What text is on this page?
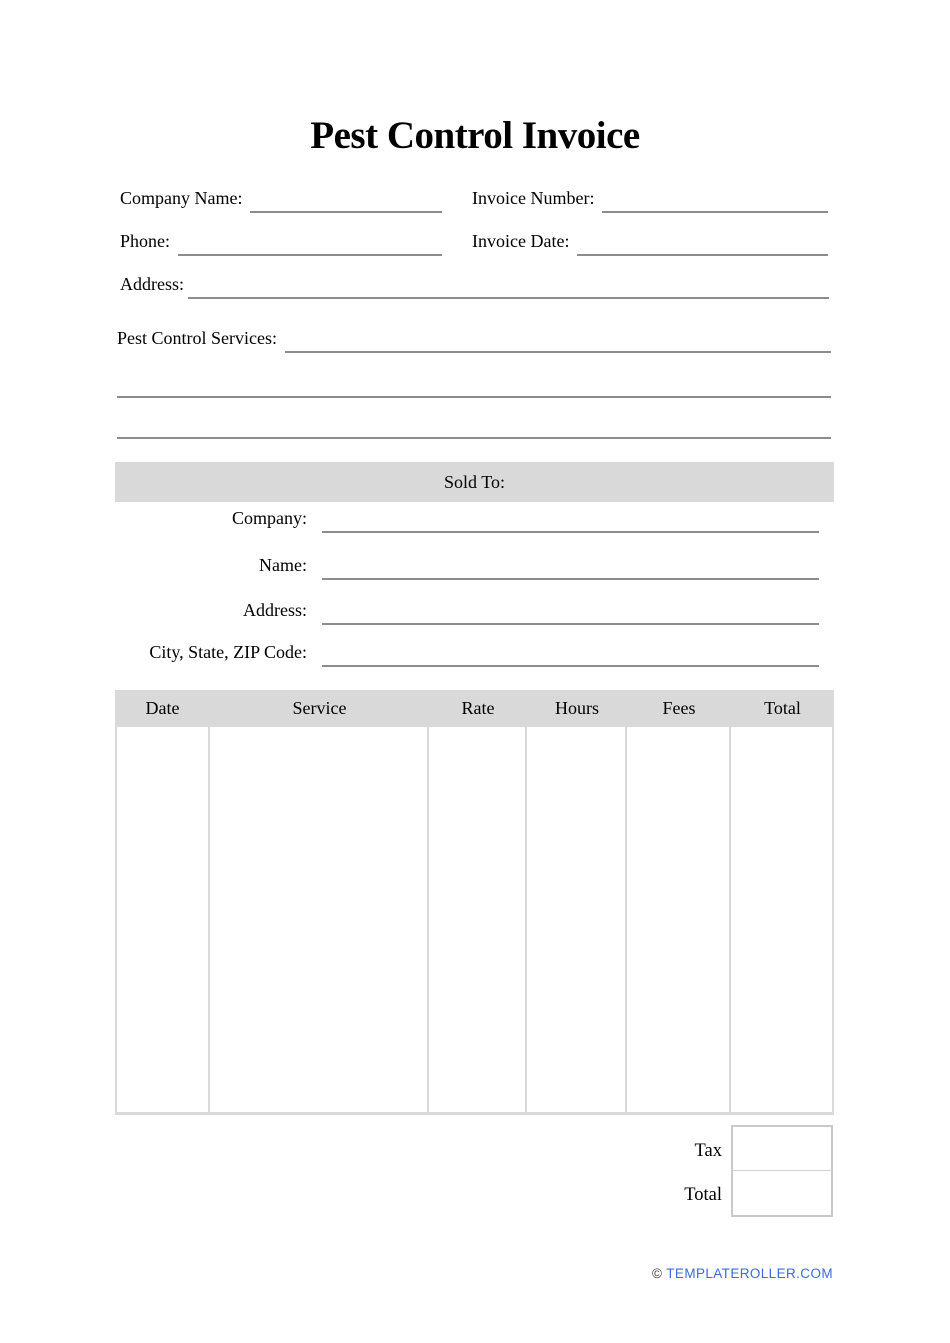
Pest Control Invoice
Company Name:	Invoice Number:
Phone:	Invoice Date:
Address:
Pest Control Services:
Sold To:
Company:
Name:
Address:
City, State, ZIP Code:
Date	Service	Rate	Hours	Fees	Total

Tax
Total
© TEMPLATEROLLER.COM
